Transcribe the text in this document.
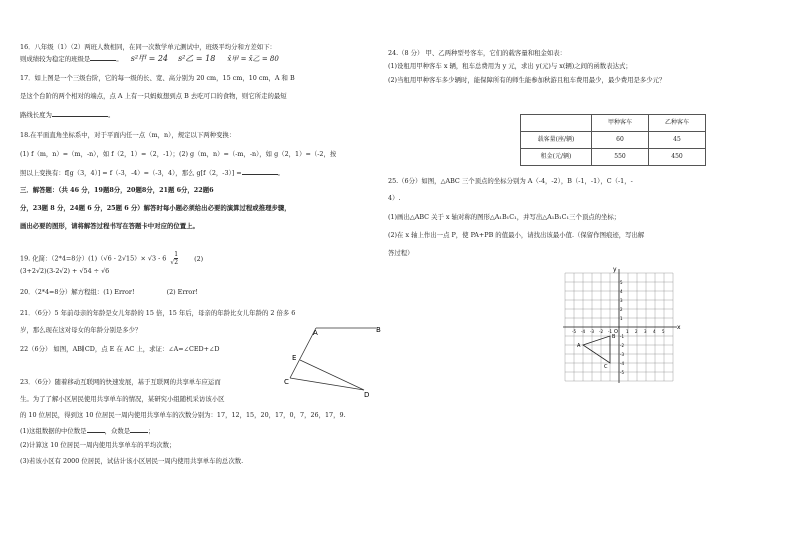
16．八年级（1）（2）两班人数相同，在同一次数学单元测试中，班级平均分和方差如下：
则成绩较为稳定的班级是	。 s²甲 = 24 s²乙 = 18 x̄甲 = x̄乙 = 80
17．如上图是一个三级台阶，它的每一级的长、宽、高分别为 20 cm，15 cm，10 cm，A 和 B
是这个台阶的两个相对的端点，点 A 上有一只蚂蚁想到点 B 去吃可口的食物，则它所走的最短
路线长度为	。
18.在平面直角坐标系中，对于平面内任一点（m，n），规定以下两种变换：
(1) f（m，n）=（m，-n），如 f（2，1）=（2，-1）；(2) g（m，n）=（-m，-n），如 g（2，1）=（-2，按
照以上变换有：f[g（3，4）] = f（-3，-4）=（-3，4），那么 g[f（2，-3）] =	。
三．解答题：（共 46 分，19题8分，20题8分，21题 6分，22题6
分，23题 8 分，24题 6 分，25题 6 分）解答时每小题必须给出必要的演算过程或推理步骤，
画出必要的图形，请将解答过程书写在答题卡中对应的位置上。
19. 化简：（2*4=8分）(1)（√6 - 2√15）× √3 - 6 √ $\frac{1}{2}$	(2)
(3+2√2)(3-2√2) + √54 ÷ √6
20．（2*4=8分）解方程组：(1) Error!	(2) Error!
21．（6分）5 年前母亲的年龄是女儿年龄的 15 倍，15 年后，母亲的年龄比女儿年龄的 2 倍多 6
岁，那么现在这对母女的年龄分别是多少？
22（6分） 如图，AB∥CD，点 E 在 AC 上，求证：∠A=∠CED+∠D
23．（6分）随着移动互联网的快速发展，基于互联网的共享单车应运而
生。为了了解小区居民使用共享单车的情况，某研究小组随机采访该小区
的 10 位居民，得到这 10 位居民一周内使用共享单车的次数分别为：17，12，15，20，17，0，7，26，17，9.
(1)这组数据的中位数是	，众数是	；
(2)计算这 10 位居民一周内使用共享单车的平均次数；
(3)若该小区有 2000 位居民，试估计该小区居民一周内使用共享单车的总次数.
A	B
C
D
E
24.（8 分） 甲、乙两种型号客车，它们的载客量和租金如表：
(1)设租用甲种客车 x 辆，租车总费用为 y 元，求出 y(元)与 x(辆)之间的函数表达式；
(2)当租用甲种客车多少辆时，能保障所有的师生能参加秋游且租车费用最少，最少费用是多少元？
	甲种客车	乙种客车
载客量(座/辆)	60	45
租金(元/辆)	550	450
25.（6分）如图，△ABC 三个顶点的坐标分别为 A（-4，-2），B（-1，-1），C（-1，-
4）.
(1)画出△ABC 关于 x 轴对称的图形△A₁B₁C₁，并写出△A₁B₁C₁三个顶点的坐标；
(2)在 x 轴上作出一点 P，使 PA+PB 的值最小，请找出该最小值.（保留作图痕迹，写出解
答过程）
-5 -4 -3 -2 -1	1 2 3 4 5
5
4
3
2
1
-1
-2
-3
-4
-5
x
y
O
A
B
C
